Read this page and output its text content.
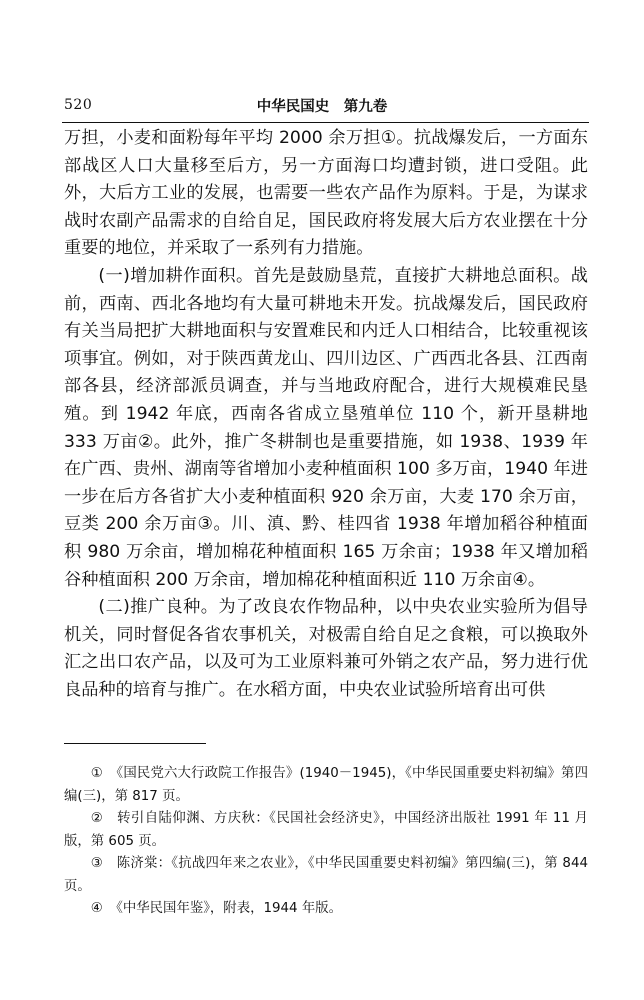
520	中华民国史　第九卷

万担，小麦和面粉每年平均 2000 余万担①。抗战爆发后，一方面东部战区人口大量移至后方，另一方面海口均遭封锁，进口受阻。此外，大后方工业的发展，也需要一些农产品作为原料。于是，为谋求战时农副产品需求的自给自足，国民政府将发展大后方农业摆在十分重要的地位，并采取了一系列有力措施。

(一)增加耕作面积。首先是鼓励垦荒，直接扩大耕地总面积。战前，西南、西北各地均有大量可耕地未开发。抗战爆发后，国民政府有关当局把扩大耕地面积与安置难民和内迁人口相结合，比较重视该项事宜。例如，对于陕西黄龙山、四川边区、广西西北各县、江西南部各县，经济部派员调查，并与当地政府配合，进行大规模难民垦殖。到 1942 年底，西南各省成立垦殖单位 110 个，新开垦耕地 333 万亩②。此外，推广冬耕制也是重要措施，如 1938、1939 年在广西、贵州、湖南等省增加小麦种植面积 100 多万亩，1940 年进一步在后方各省扩大小麦种植面积 920 余万亩，大麦 170 余万亩，豆类 200 余万亩③。川、滇、黔、桂四省 1938 年增加稻谷种植面积 980 万余亩，增加棉花种植面积 165 万余亩；1938 年又增加稻谷种植面积 200 万余亩，增加棉花种植面积近 110 万余亩④。

(二)推广良种。为了改良农作物品种，以中央农业实验所为倡导机关，同时督促各省农事机关，对极需自给自足之食粮，可以换取外汇之出口农产品，以及可为工业原料兼可外销之农产品，努力进行优良品种的培育与推广。在水稻方面，中央农业试验所培育出可供

①　《国民党六大行政院工作报告》(1940－1945)，《中华民国重要史料初编》第四编(三)，第 817 页。

②　转引自陆仰渊、方庆秋：《民国社会经济史》，中国经济出版社 1991 年 11 月版，第 605 页。

③　陈济棠：《抗战四年来之农业》，《中华民国重要史料初编》第四编(三)，第 844 页。

④　《中华民国年鉴》，附表，1944 年版。
